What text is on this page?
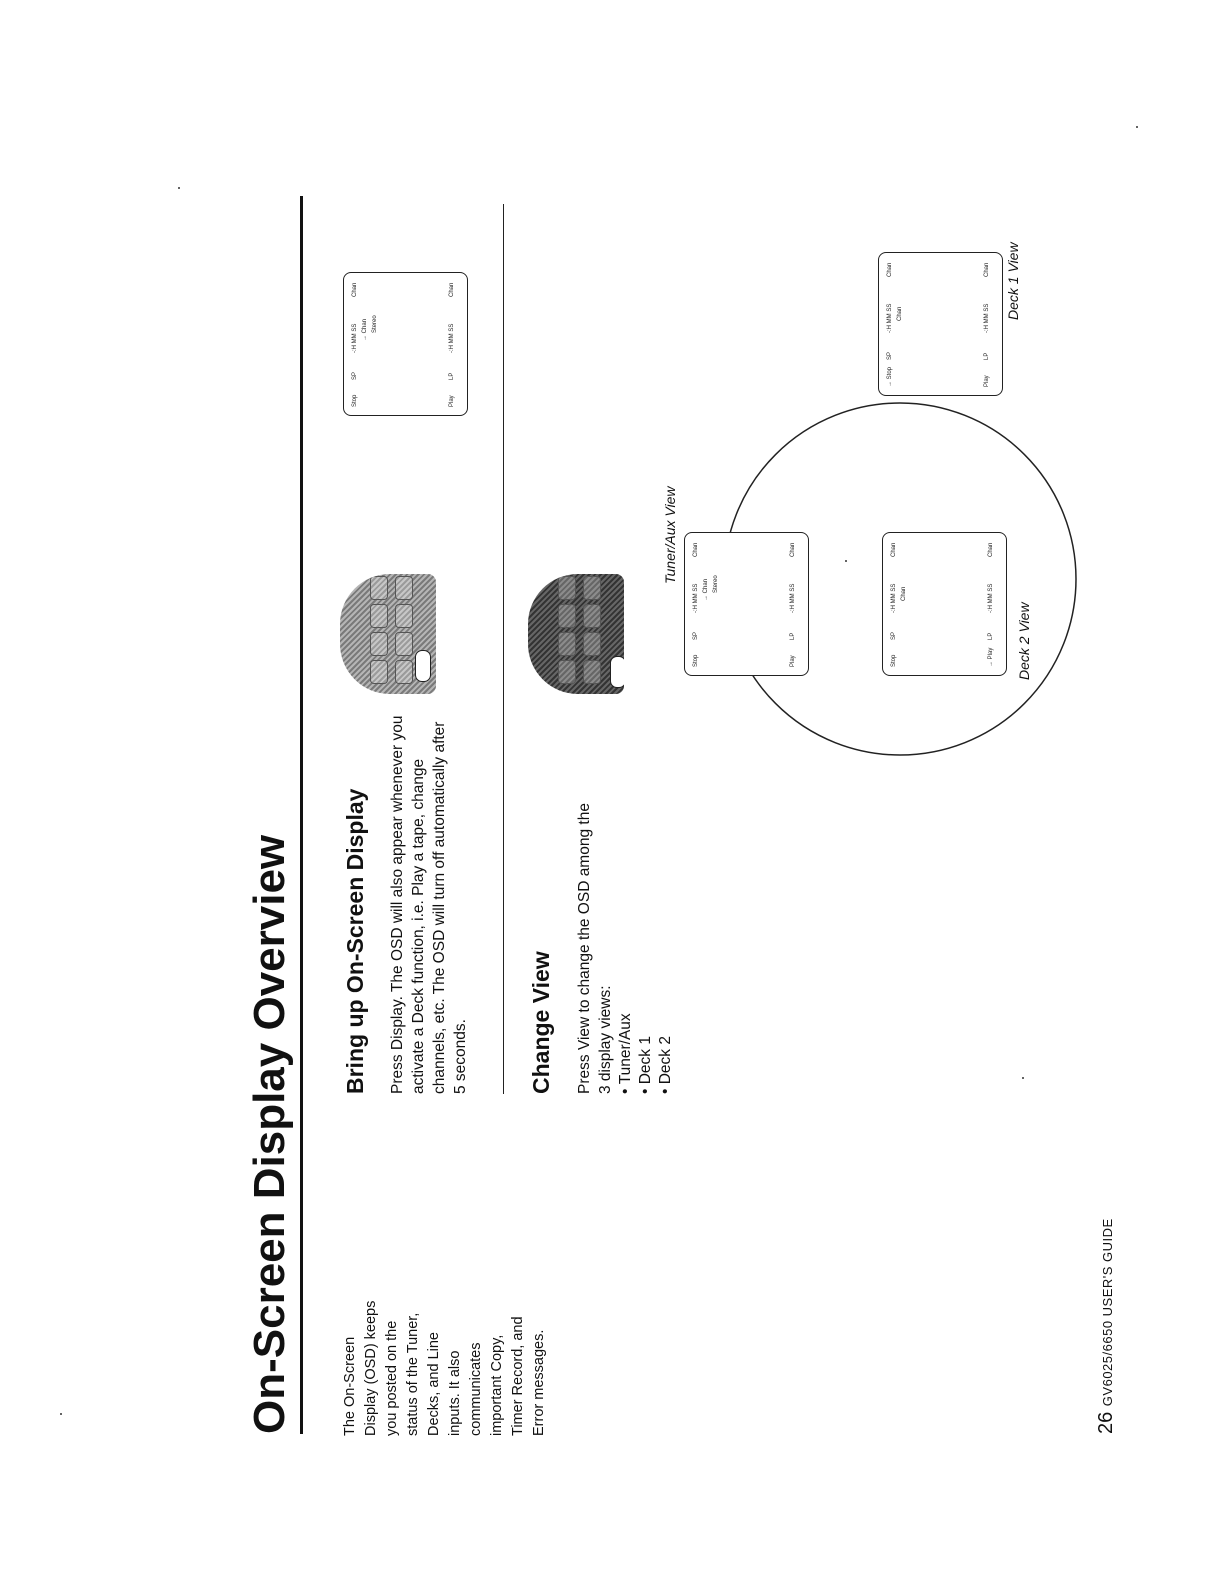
On-Screen Display Overview	The On-Screen Display (OSD) keeps you posted on the status of the Tuner, Decks, and Line inputs. It also communicates important Copy, Timer Record, and Error messages.
Bring up On-Screen Display Press Display. The OSD will also appear whenever you activate a Deck function, i.e. Play a tape, change channels, etc. The OSD will turn off automatically after 5 seconds.	Change View Press View to change the OSD among the 3 display views: • Tuner/Aux • Deck 1 • Deck 2
Stop
SP
-:H MM SS
Chan
→ Chan Stereo
Play
LP
-:H MM SS
Chan
Stop
SP
-:H MM SS
Chan
→ Chan Stereo
Play
LP
-:H MM SS
Chan
Tuner/Aux View
→ Stop
SP
-:H MM SS
Chan
Chan
Play
LP
-:H MM SS
Chan Deck 1 View
Stop
SP
-:H MM SS
Chan
Chan
→ Play
LP
-:H MM SS
Chan
Deck 2 View
26 GV6025/6650 USER'S GUIDE
